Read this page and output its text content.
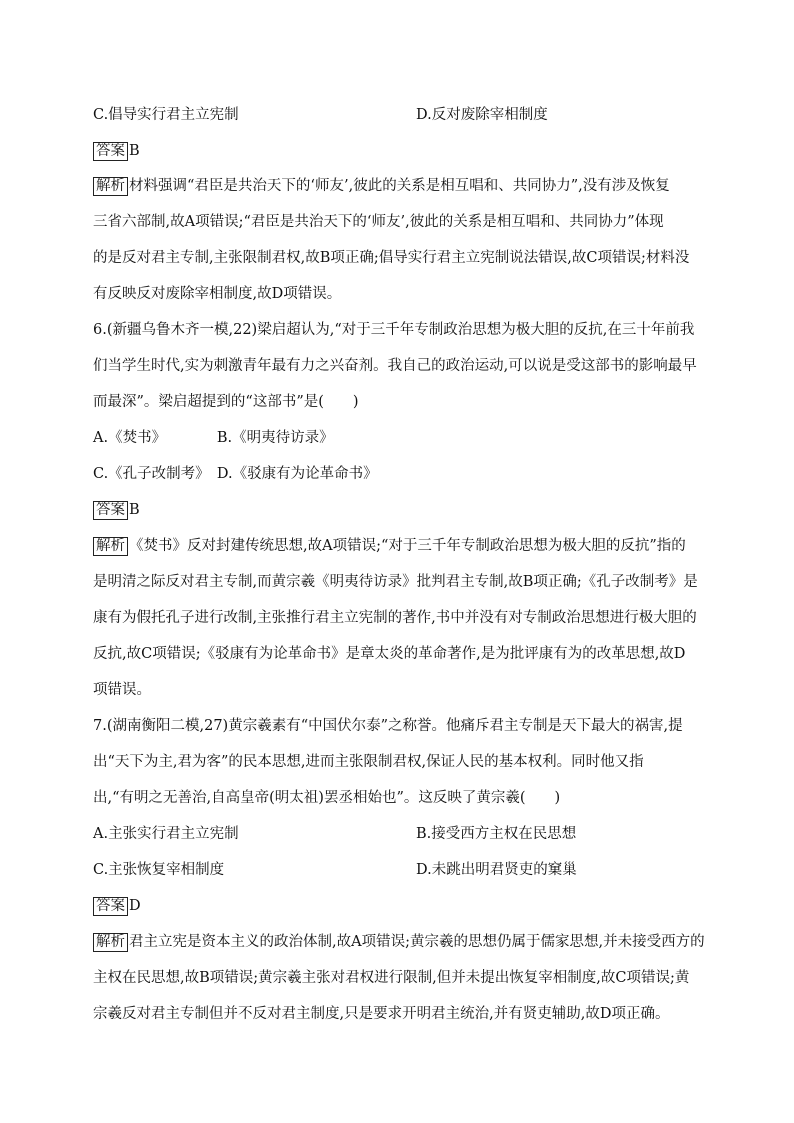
C.倡导实行君主立宪制	D.反对废除宰相制度
答案 B
解析 材料强调“君臣是共治天下的‘师友’,彼此的关系是相互唱和、共同协力”,没有涉及恢复
三省六部制,故A项错误;“君臣是共治天下的‘师友’,彼此的关系是相互唱和、共同协力”体现
的是反对君主专制,主张限制君权,故B项正确;倡导实行君主立宪制说法错误,故C项错误;材料没
有反映反对废除宰相制度,故D项错误。
6.(新疆乌鲁木齐一模,22)梁启超认为,“对于三千年专制政治思想为极大胆的反抗,在三十年前我
们当学生时代,实为刺激青年最有力之兴奋剂。我自己的政治运动,可以说是受这部书的影响最早
而最深”。梁启超提到的“这部书”是(　　)
A.《焚书》　　　　B.《明夷待访录》
C.《孔子改制考》　D.《驳康有为论革命书》
答案 B
解析 《焚书》反对封建传统思想,故A项错误;“对于三千年专制政治思想为极大胆的反抗”指的
是明清之际反对君主专制,而黄宗羲《明夷待访录》批判君主专制,故B项正确;《孔子改制考》是
康有为假托孔子进行改制,主张推行君主立宪制的著作,书中并没有对专制政治思想进行极大胆的
反抗,故C项错误;《驳康有为论革命书》是章太炎的革命著作,是为批评康有为的改革思想,故D
项错误。
7.(湖南衡阳二模,27)黄宗羲素有“中国伏尔泰”之称誉。他痛斥君主专制是天下最大的祸害,提
出“天下为主,君为客”的民本思想,进而主张限制君权,保证人民的基本权利。同时他又指
出,“有明之无善治,自高皇帝(明太祖)罢丞相始也”。这反映了黄宗羲(　　)
A.主张实行君主立宪制	B.接受西方主权在民思想
C.主张恢复宰相制度	D.未跳出明君贤吏的窠巢
答案 D
解析 君主立宪是资本主义的政治体制,故A项错误;黄宗羲的思想仍属于儒家思想,并未接受西方的
主权在民思想,故B项错误;黄宗羲主张对君权进行限制,但并未提出恢复宰相制度,故C项错误;黄
宗羲反对君主专制但并不反对君主制度,只是要求开明君主统治,并有贤吏辅助,故D项正确。
